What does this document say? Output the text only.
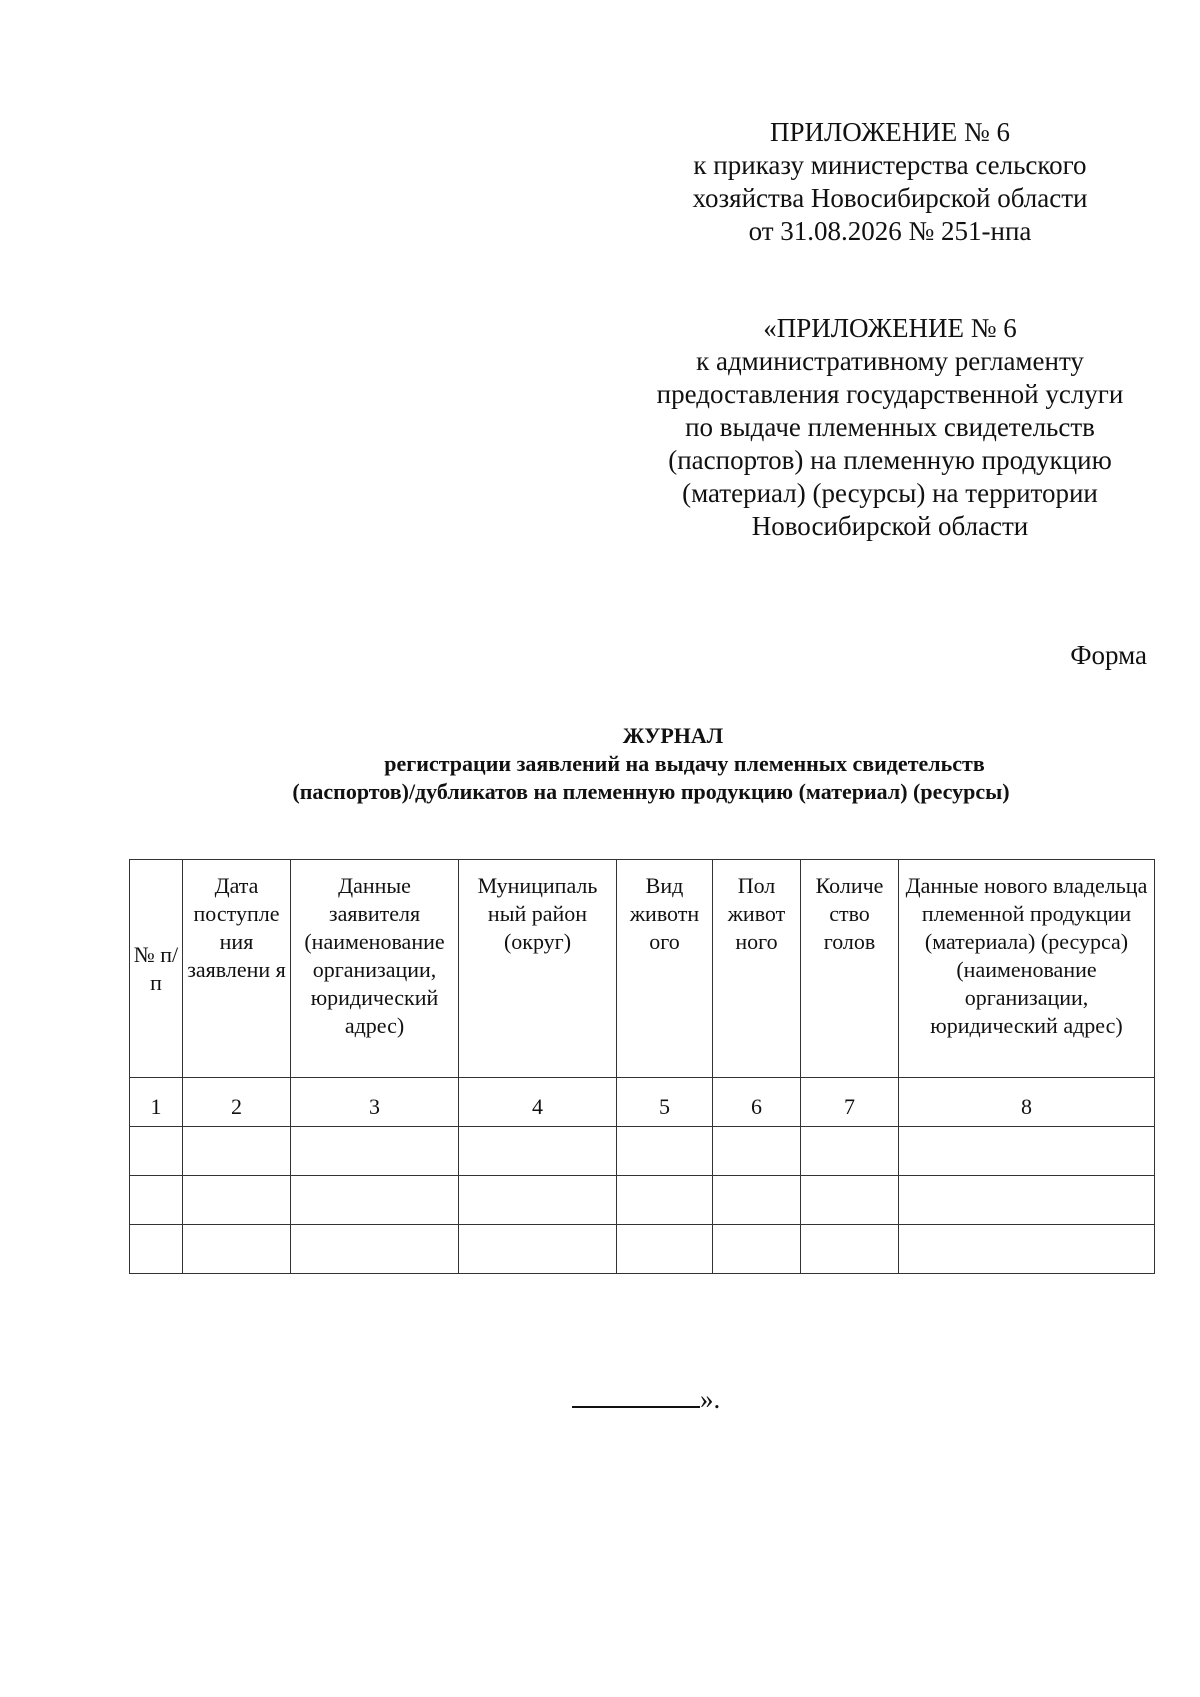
ПРИЛОЖЕНИЕ № 6
к приказу министерства сельского
хозяйства Новосибирской области
от 31.08.2026 № 251-нпа
«ПРИЛОЖЕНИЕ № 6
к административному регламенту
предоставления государственной услуги
по выдаче племенных свидетельств
(паспортов) на племенную продукцию
(материал) (ресурсы) на территории
Новосибирской области
Форма
ЖУРНАЛ
регистрации заявлений на выдачу племенных свидетельств
(паспортов)/дубликатов на племенную продукцию (материал) (ресурсы)
№ п/п	Дата поступле ния заявлени я	Данные заявителя (наименование организации, юридический адрес)	Муниципаль ный район (округ)	Вид животн ого	Пол живот ного	Количе ство голов	Данные нового владельца племенной продукции (материала) (ресурса) (наименование организации, юридический адрес)
1	2	3	4	5	6	7	8

».
